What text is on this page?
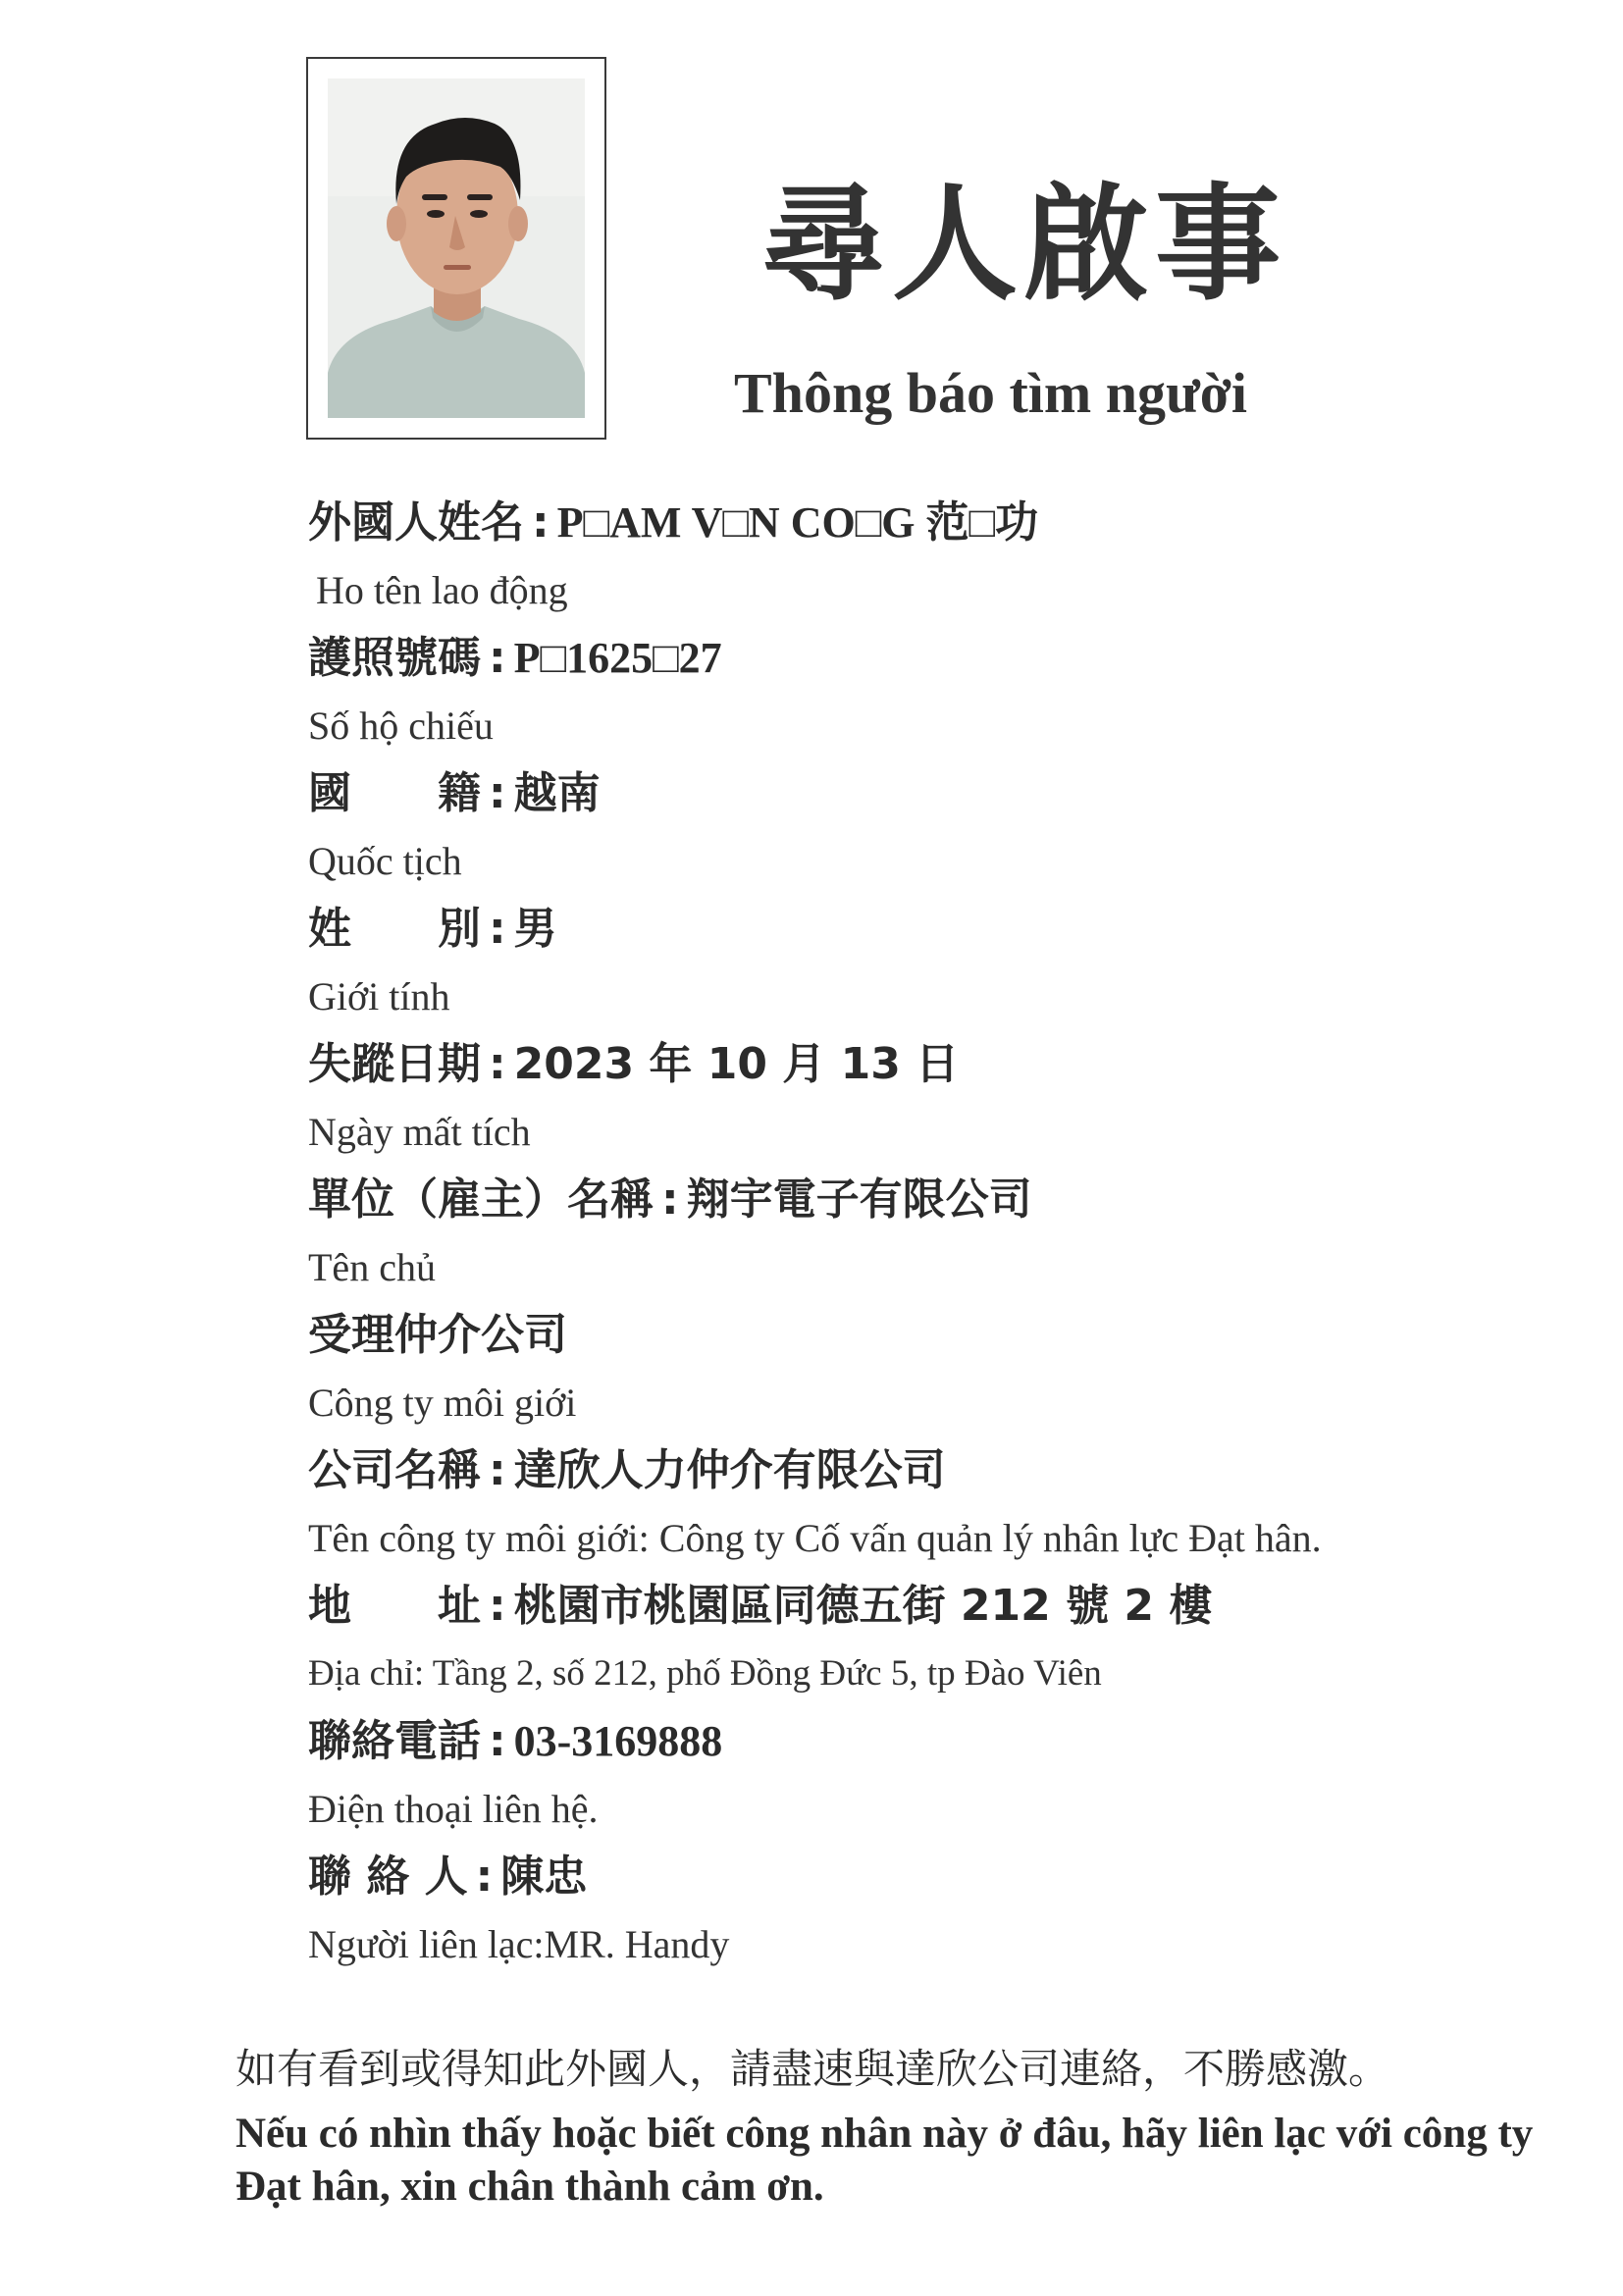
尋人啟事
Thông báo tìm người
外國人姓名 : P□AM V□N CO□G 范□功
Ho tên lao động
護照號碼 : P□1625□27
Số hộ chiếu
國　　籍 : 越南
Quốc tịch
姓　　別 : 男
Giới tính
失蹤日期 : 2023 年 10 月 13 日
Ngày mất tích
單位（雇主）名稱 : 翔宇電子有限公司
Tên chủ
受理仲介公司
Công ty môi giới
公司名稱 : 達欣人力仲介有限公司
Tên công ty môi giới: Công ty Cố vấn quản lý nhân lực Đạt hân.
地　　址 : 桃園市桃園區同德五街 212 號 2 樓
Địa chỉ: Tầng 2, số 212, phố Đồng Đức 5, tp Đào Viên
聯絡電話 : 03-3169888
Điện thoại liên hệ.
聯 絡 人 : 陳忠
Người liên lạc:MR. Handy
如有看到或得知此外國人，請盡速與達欣公司連絡，不勝感激。
Nếu có nhìn thấy hoặc biết công nhân này ở đâu, hãy liên lạc với công ty Đạt hân, xin chân thành cảm ơn.
